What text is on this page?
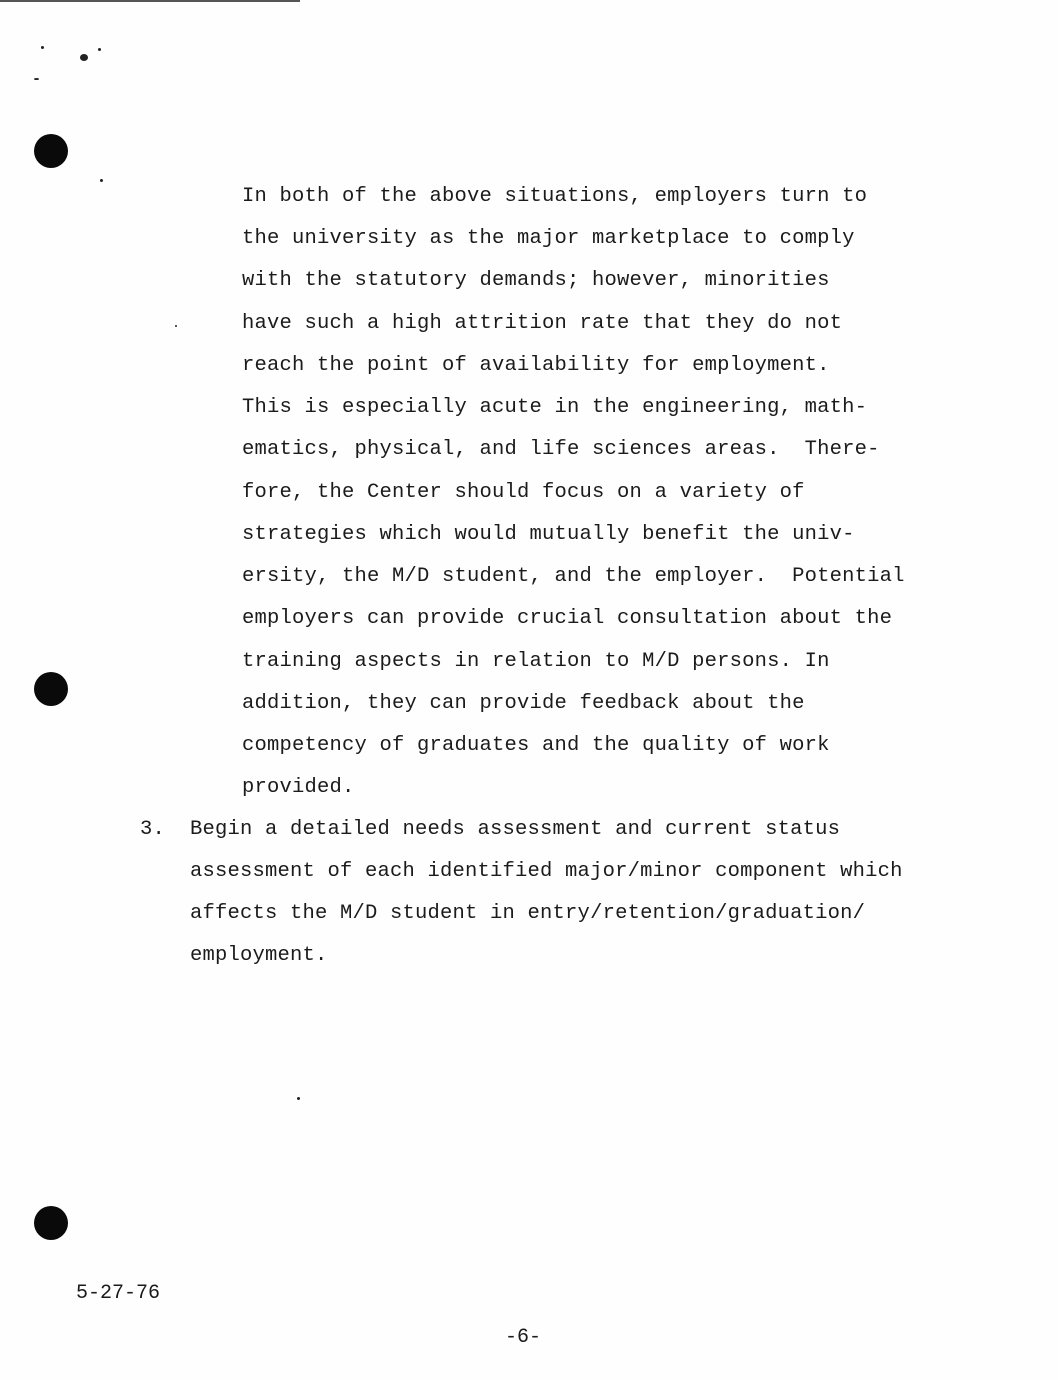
In both of the above situations, employers turn to
the university as the major marketplace to comply
with the statutory demands; however, minorities
have such a high attrition rate that they do not
reach the point of availability for employment.
This is especially acute in the engineering, math-
ematics, physical, and life sciences areas.  There-
fore, the Center should focus on a variety of
strategies which would mutually benefit the univ-
ersity, the M/D student, and the employer.  Potential
employers can provide crucial consultation about the
training aspects in relation to M/D persons. In
addition, they can provide feedback about the
competency of graduates and the quality of work
provided.
3. Begin a detailed needs assessment and current status
assessment of each identified major/minor component which
affects the M/D student in entry/retention/graduation/
employment.
5-27-76
-6-
